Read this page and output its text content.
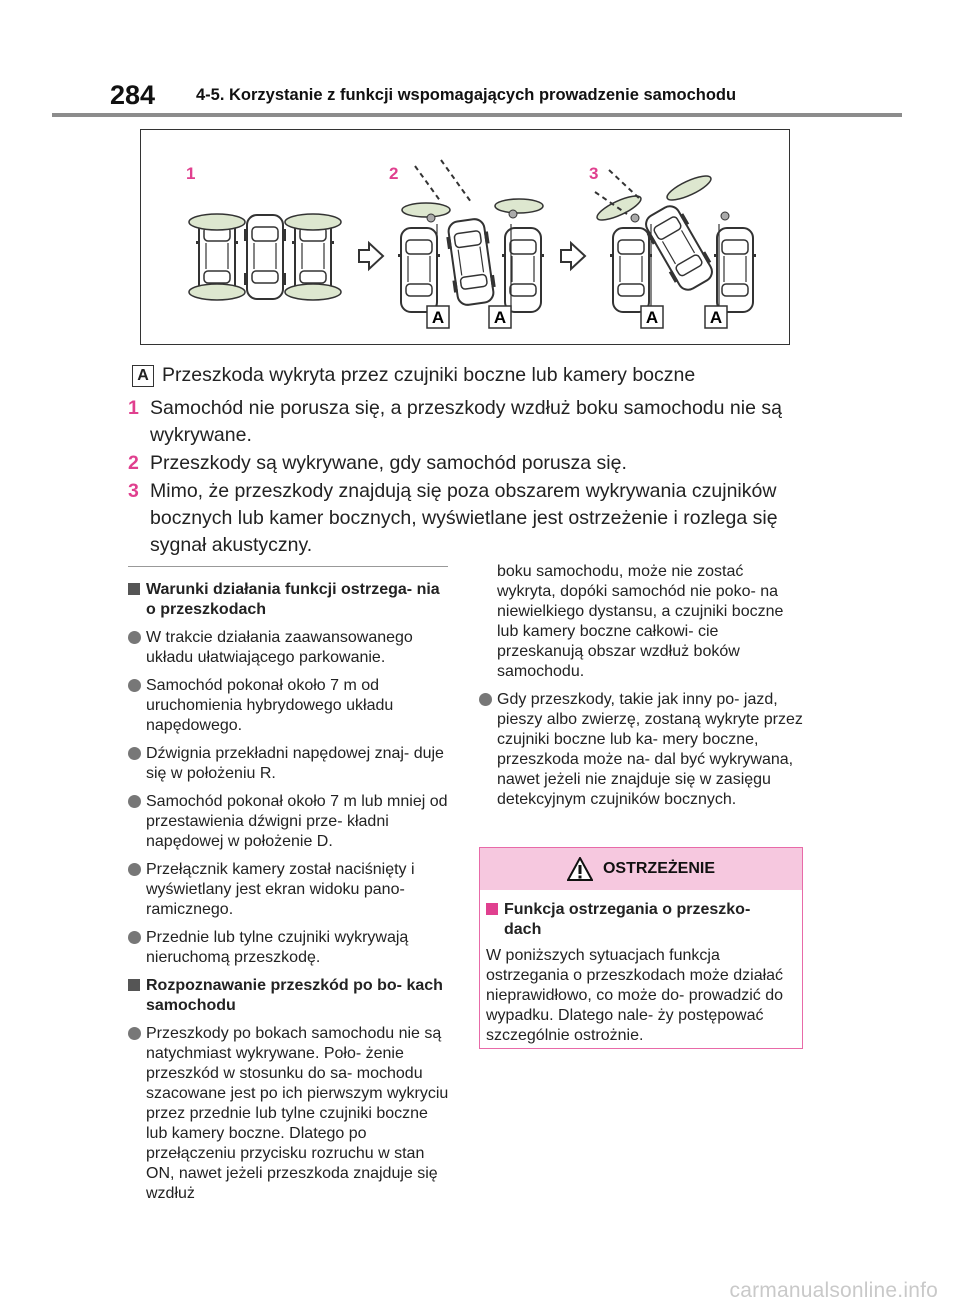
284 4-5. Korzystanie z funkcji wspomagających prowadzenie samochodu
1	2	3
A	A	A	A
A Przeszkoda wykryta przez czujniki boczne lub kamery boczne
1 Samochód nie porusza się, a przeszkody wzdłuż boku samochodu nie są wykrywane.
2 Przeszkody są wykrywane, gdy samochód porusza się.
3 Mimo, że przeszkody znajdują się poza obszarem wykrywania czujników bocznych lub kamer bocznych, wyświetlane jest ostrzeżenie i rozlega się sygnał akustyczny.
Warunki działania funkcji ostrzega- nia o przeszkodach
W trakcie działania zaawansowanego układu ułatwiającego parkowanie.
Samochód pokonał około 7 m od uruchomienia hybrydowego układu napędowego.
Dźwignia przekładni napędowej znaj- duje się w położeniu R.
Samochód pokonał około 7 m lub mniej od przestawienia dźwigni prze- kładni napędowej w położenie D.
Przełącznik kamery został naciśnięty i wyświetlany jest ekran widoku pano- ramicznego.
Przednie lub tylne czujniki wykrywają nieruchomą przeszkodę.
Rozpoznawanie przeszkód po bo- kach samochodu
Przeszkody po bokach samochodu nie są natychmiast wykrywane. Poło- żenie przeszkód w stosunku do sa- mochodu szacowane jest po ich pierwszym wykryciu przez przednie lub tylne czujniki boczne lub kamery boczne. Dlatego po przełączeniu przycisku rozruchu w stan ON, nawet jeżeli przeszkoda znajduje się wzdłuż
boku samochodu, może nie zostać wykryta, dopóki samochód nie poko- na niewielkiego dystansu, a czujniki boczne lub kamery boczne całkowi- cie przeskanują obszar wzdłuż boków samochodu.
Gdy przeszkody, takie jak inny po- jazd, pieszy albo zwierzę, zostaną wykryte przez czujniki boczne lub ka- mery boczne, przeszkoda może na- dal być wykrywana, nawet jeżeli nie znajduje się w zasięgu detekcyjnym czujników bocznych.
OSTRZEŻENIE
Funkcja ostrzegania o przeszko- dach
W poniższych sytuacjach funkcja ostrzegania o przeszkodach może działać nieprawidłowo, co może do- prowadzić do wypadku. Dlatego nale- ży postępować szczególnie ostrożnie.
carmanualsonline.info
